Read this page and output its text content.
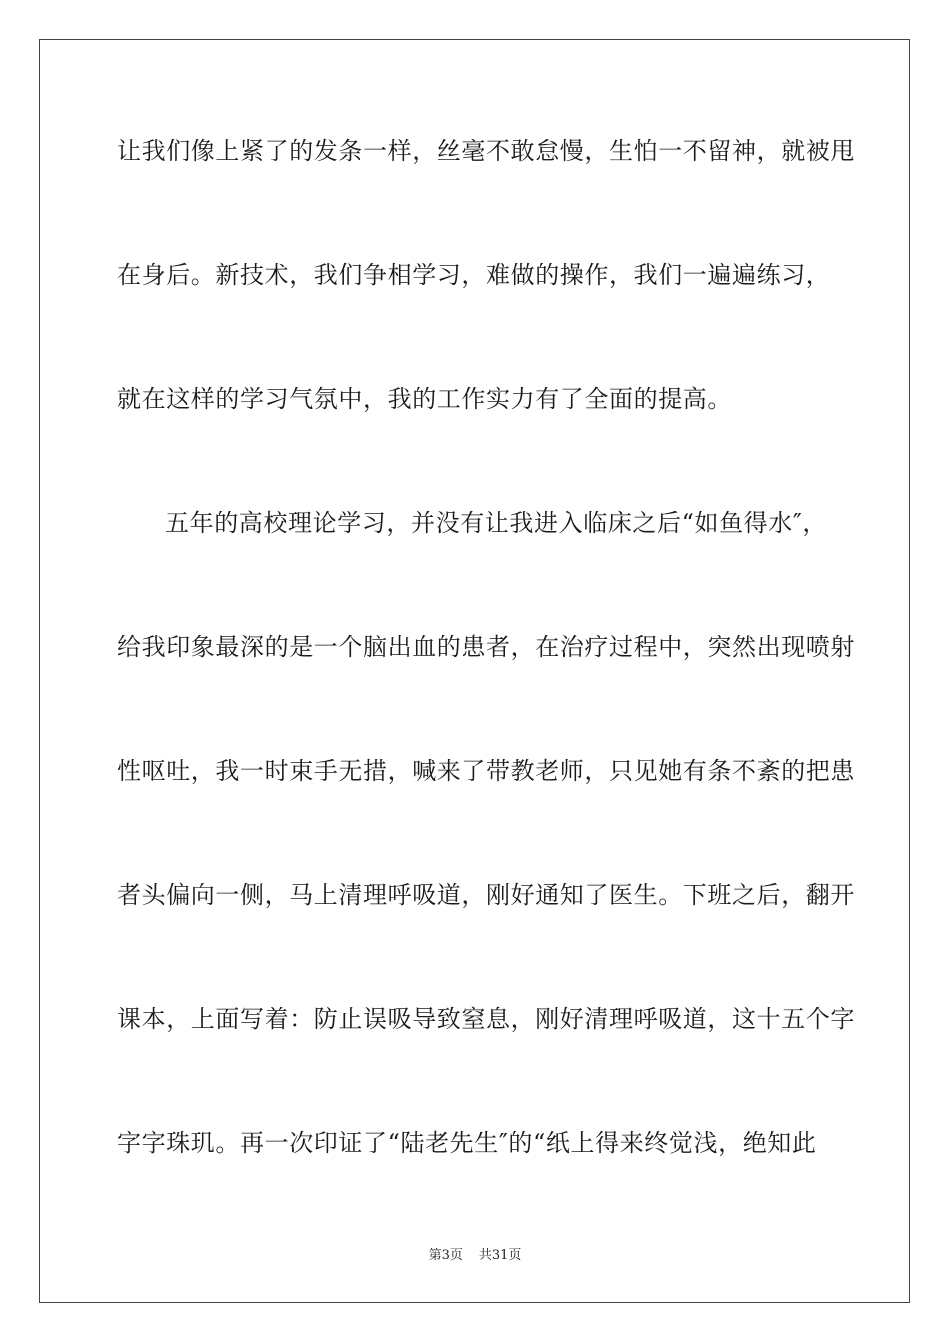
让我们像上紧了的发条一样，丝毫不敢怠慢，生怕一不留神，就被甩
在身后。新技术，我们争相学习，难做的操作，我们一遍遍练习，
就在这样的学习气氛中，我的工作实力有了全面的提高。
五年的高校理论学习，并没有让我进入临床之后“如鱼得水″，
给我印象最深的是一个脑出血的患者，在治疗过程中，突然出现喷射
性呕吐，我一时束手无措，喊来了带教老师，只见她有条不紊的把患
者头偏向一侧，马上清理呼吸道，刚好通知了医生。下班之后，翻开
课本，上面写着：防止误吸导致窒息，刚好清理呼吸道，这十五个字
字字珠玑。再一次印证了“陆老先生″的“纸上得来终觉浅，绝知此
第3页 共31页
